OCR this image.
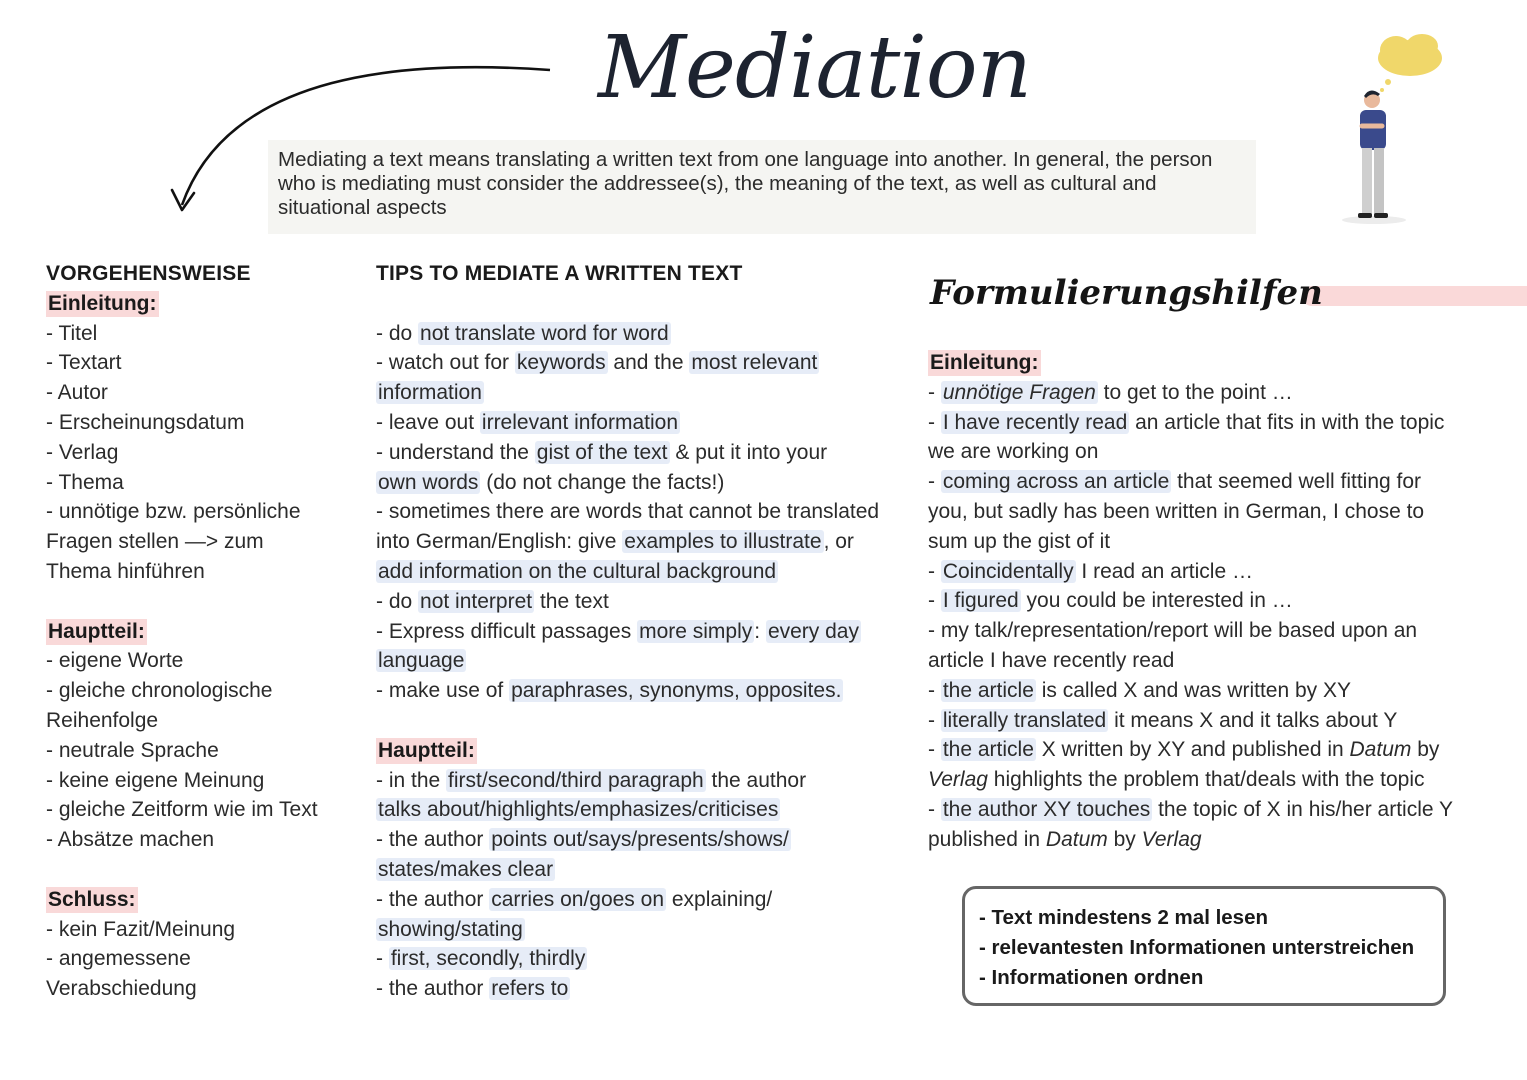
Mediation
Mediating a text means translating a written text from one language into another. In general, the person who is mediating must consider the addressee(s), the meaning of the text, as well as cultural and situational aspects
VORGEHENSWEISE
Einleitung:
- Titel
- Textart
- Autor
- Erscheinungsdatum
- Verlag
- Thema
- unnötige bzw. persönliche
Fragen stellen —> zum
Thema hinführen
Hauptteil:
- eigene Worte
- gleiche chronologische
Reihenfolge
- neutrale Sprache
- keine eigene Meinung
- gleiche Zeitform wie im Text
- Absätze machen
Schluss:
- kein Fazit/Meinung
- angemessene
Verabschiedung
TIPS TO MEDIATE A WRITTEN TEXT
- do not translate word for word
- watch out for keywords and the most relevant
information
- leave out irrelevant information
- understand the gist of the text & put it into your
own words (do not change the facts!)
- sometimes there are words that cannot be translated
into German/English: give examples to illustrate, or
add information on the cultural background
- do not interpret the text
- Express difficult passages more simply: every day
language
- make use of paraphrases, synonyms, opposites.
Hauptteil:
- in the first/second/third paragraph the author
talks about/highlights/emphasizes/criticises
- the author points out/says/presents/shows/
states/makes clear
- the author carries on/goes on explaining/
showing/stating
- first, secondly, thirdly
- the author refers to
Formulierungshilfen
Einleitung:
- unnötige Fragen to get to the point …
- I have recently read an article that fits in with the topic
we are working on
- coming across an article that seemed well fitting for
you, but sadly has been written in German, I chose to
sum up the gist of it
- Coincidentally I read an article …
- I figured you could be interested in …
- my talk/representation/report will be based upon an
article I have recently read
- the article is called X and was written by XY
- literally translated it means X and it talks about Y
- the article X written by XY and published in Datum by
Verlag highlights the problem that/deals with the topic
- the author XY touches the topic of X in his/her article Y
published in Datum by Verlag
- Text mindestens 2 mal lesen
- relevantesten Informationen unterstreichen
- Informationen ordnen
